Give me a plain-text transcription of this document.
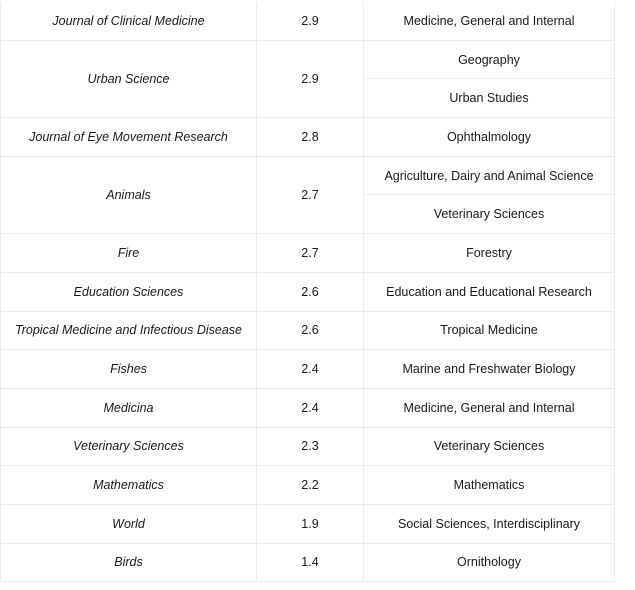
Journal of Clinical Medicine	2.9	Medicine, General and Internal
Urban Science	2.9	Geography
		Urban Studies
Journal of Eye Movement Research	2.8	Ophthalmology
Animals	2.7	Agriculture, Dairy and Animal Science
		Veterinary Sciences
Fire	2.7	Forestry
Education Sciences	2.6	Education and Educational Research
Tropical Medicine and Infectious Disease	2.6	Tropical Medicine
Fishes	2.4	Marine and Freshwater Biology
Medicina	2.4	Medicine, General and Internal
Veterinary Sciences	2.3	Veterinary Sciences
Mathematics	2.2	Mathematics
World	1.9	Social Sciences, Interdisciplinary
Birds	1.4	Ornithology
